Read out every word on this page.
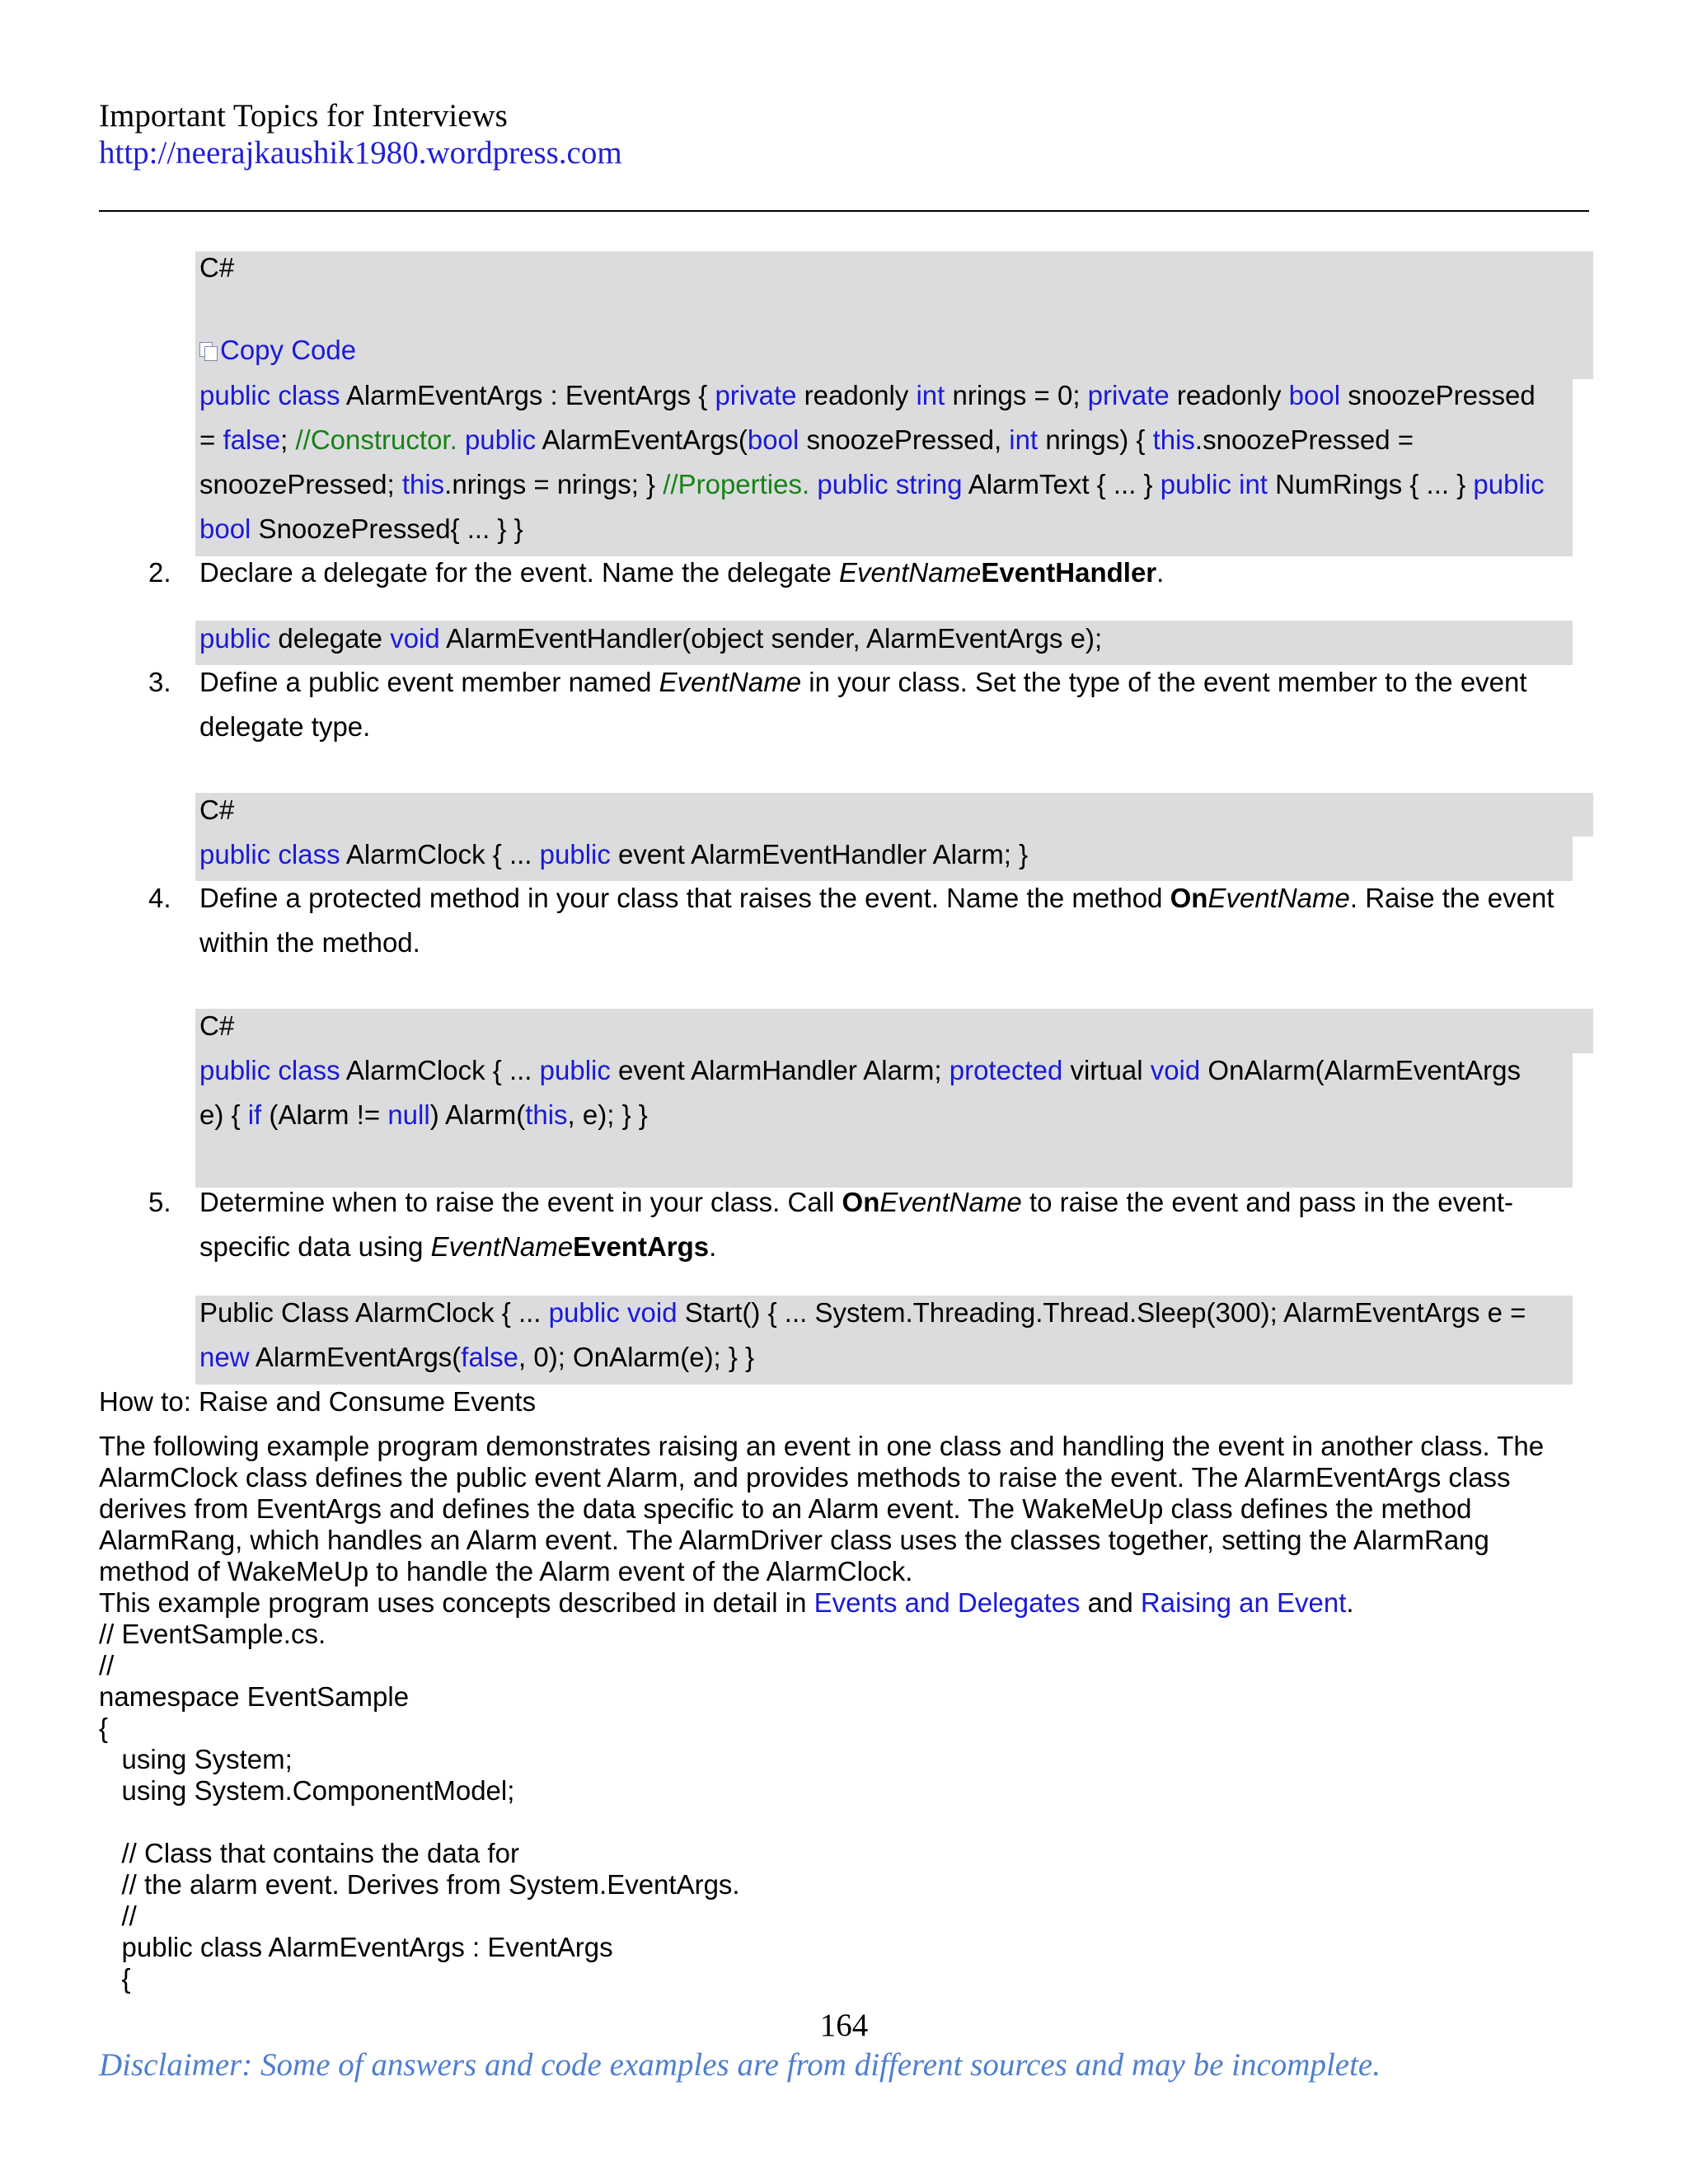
Important Topics for Interviews
http://neerajkaushik1980.wordpress.com
C#
Copy Code
public class AlarmEventArgs : EventArgs { private readonly int nrings = 0; private readonly bool snoozePressed
= false; //Constructor. public AlarmEventArgs(bool snoozePressed, int nrings) { this.snoozePressed =
snoozePressed; this.nrings = nrings; } //Properties. public string AlarmText { ... } public int NumRings { ... } public
bool SnoozePressed{ ... } }
2. Declare a delegate for the event. Name the delegate EventNameEventHandler.
public delegate void AlarmEventHandler(object sender, AlarmEventArgs e);
3. Define a public event member named EventName in your class. Set the type of the event member to the event
delegate type.
C#
public class AlarmClock { ... public event AlarmEventHandler Alarm; }
4. Define a protected method in your class that raises the event. Name the method OnEventName. Raise the event
within the method.
C#
public class AlarmClock { ... public event AlarmHandler Alarm; protected virtual void OnAlarm(AlarmEventArgs
e) { if (Alarm != null) Alarm(this, e); } }
5. Determine when to raise the event in your class. Call OnEventName to raise the event and pass in the event-
specific data using EventNameEventArgs.
Public Class AlarmClock { ... public void Start() { ... System.Threading.Thread.Sleep(300); AlarmEventArgs e =
new AlarmEventArgs(false, 0); OnAlarm(e); } }
How to: Raise and Consume Events
The following example program demonstrates raising an event in one class and handling the event in another class. The
AlarmClock class defines the public event Alarm, and provides methods to raise the event. The AlarmEventArgs class
derives from EventArgs and defines the data specific to an Alarm event. The WakeMeUp class defines the method
AlarmRang, which handles an Alarm event. The AlarmDriver class uses the classes together, setting the AlarmRang
method of WakeMeUp to handle the Alarm event of the AlarmClock.
This example program uses concepts described in detail in Events and Delegates and Raising an Event.
// EventSample.cs.
//
namespace EventSample
{
using System;
using System.ComponentModel;
// Class that contains the data for
// the alarm event. Derives from System.EventArgs.
//
public class AlarmEventArgs : EventArgs
{
164
Disclaimer: Some of answers and code examples are from different sources and may be incomplete.
